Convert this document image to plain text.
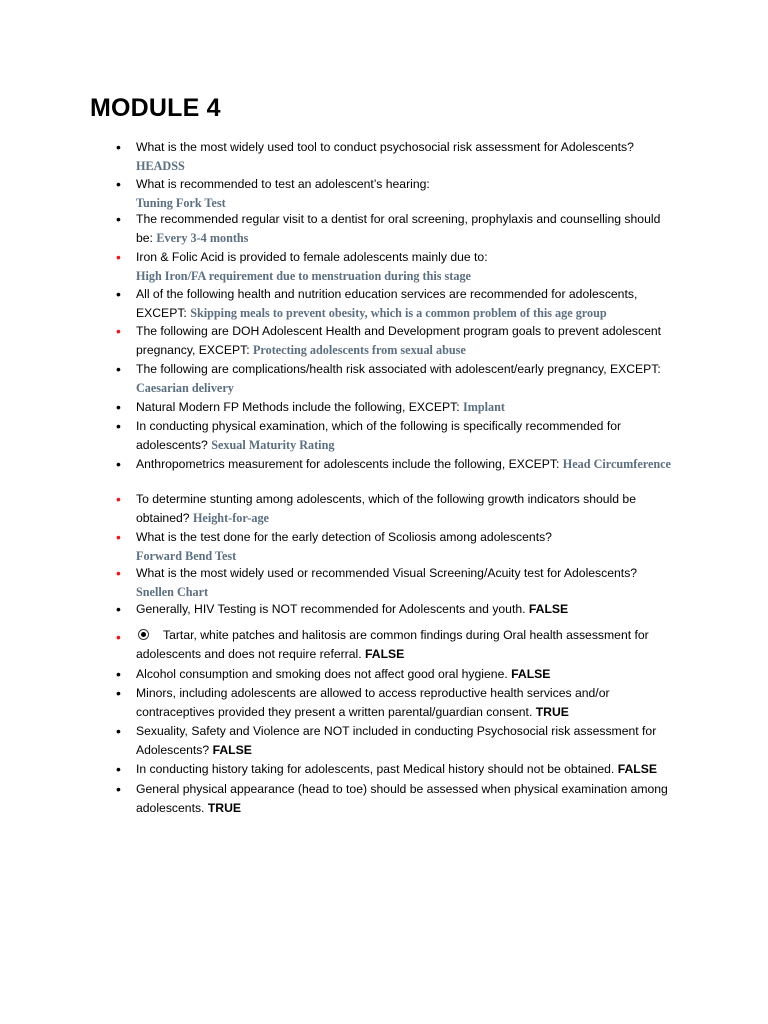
MODULE 4
• What is the most widely used tool to conduct psychosocial risk assessment for Adolescents?
HEADSS
• What is recommended to test an adolescent’s hearing:
Tuning Fork Test
• The recommended regular visit to a dentist for oral screening, prophylaxis and counselling should be: Every 3-4 months
• Iron & Folic Acid is provided to female adolescents mainly due to:
High Iron/FA requirement due to menstruation during this stage
• All of the following health and nutrition education services are recommended for adolescents, EXCEPT: Skipping meals to prevent obesity, which is a common problem of this age group
• The following are DOH Adolescent Health and Development program goals to prevent adolescent pregnancy, EXCEPT: Protecting adolescents from sexual abuse
• The following are complications/health risk associated with adolescent/early pregnancy, EXCEPT: Caesarian delivery
• Natural Modern FP Methods include the following, EXCEPT: Implant
• In conducting physical examination, which of the following is specifically recommended for adolescents? Sexual Maturity Rating
• Anthropometrics measurement for adolescents include the following, EXCEPT: Head Circumference
• To determine stunting among adolescents, which of the following growth indicators should be obtained? Height-for-age
• What is the test done for the early detection of Scoliosis among adolescents?
Forward Bend Test
• What is the most widely used or recommended Visual Screening/Acuity test for Adolescents?
Snellen Chart
• Generally, HIV Testing is NOT recommended for Adolescents and youth. FALSE
•	Tartar, white patches and halitosis are common findings during Oral health assessment for adolescents and does not require referral. FALSE
• Alcohol consumption and smoking does not affect good oral hygiene. FALSE
• Minors, including adolescents are allowed to access reproductive health services and/or contraceptives provided they present a written parental/guardian consent. TRUE
• Sexuality, Safety and Violence are NOT included in conducting Psychosocial risk assessment for Adolescents? FALSE
• In conducting history taking for adolescents, past Medical history should not be obtained. FALSE
• General physical appearance (head to toe) should be assessed when physical examination among adolescents. TRUE
